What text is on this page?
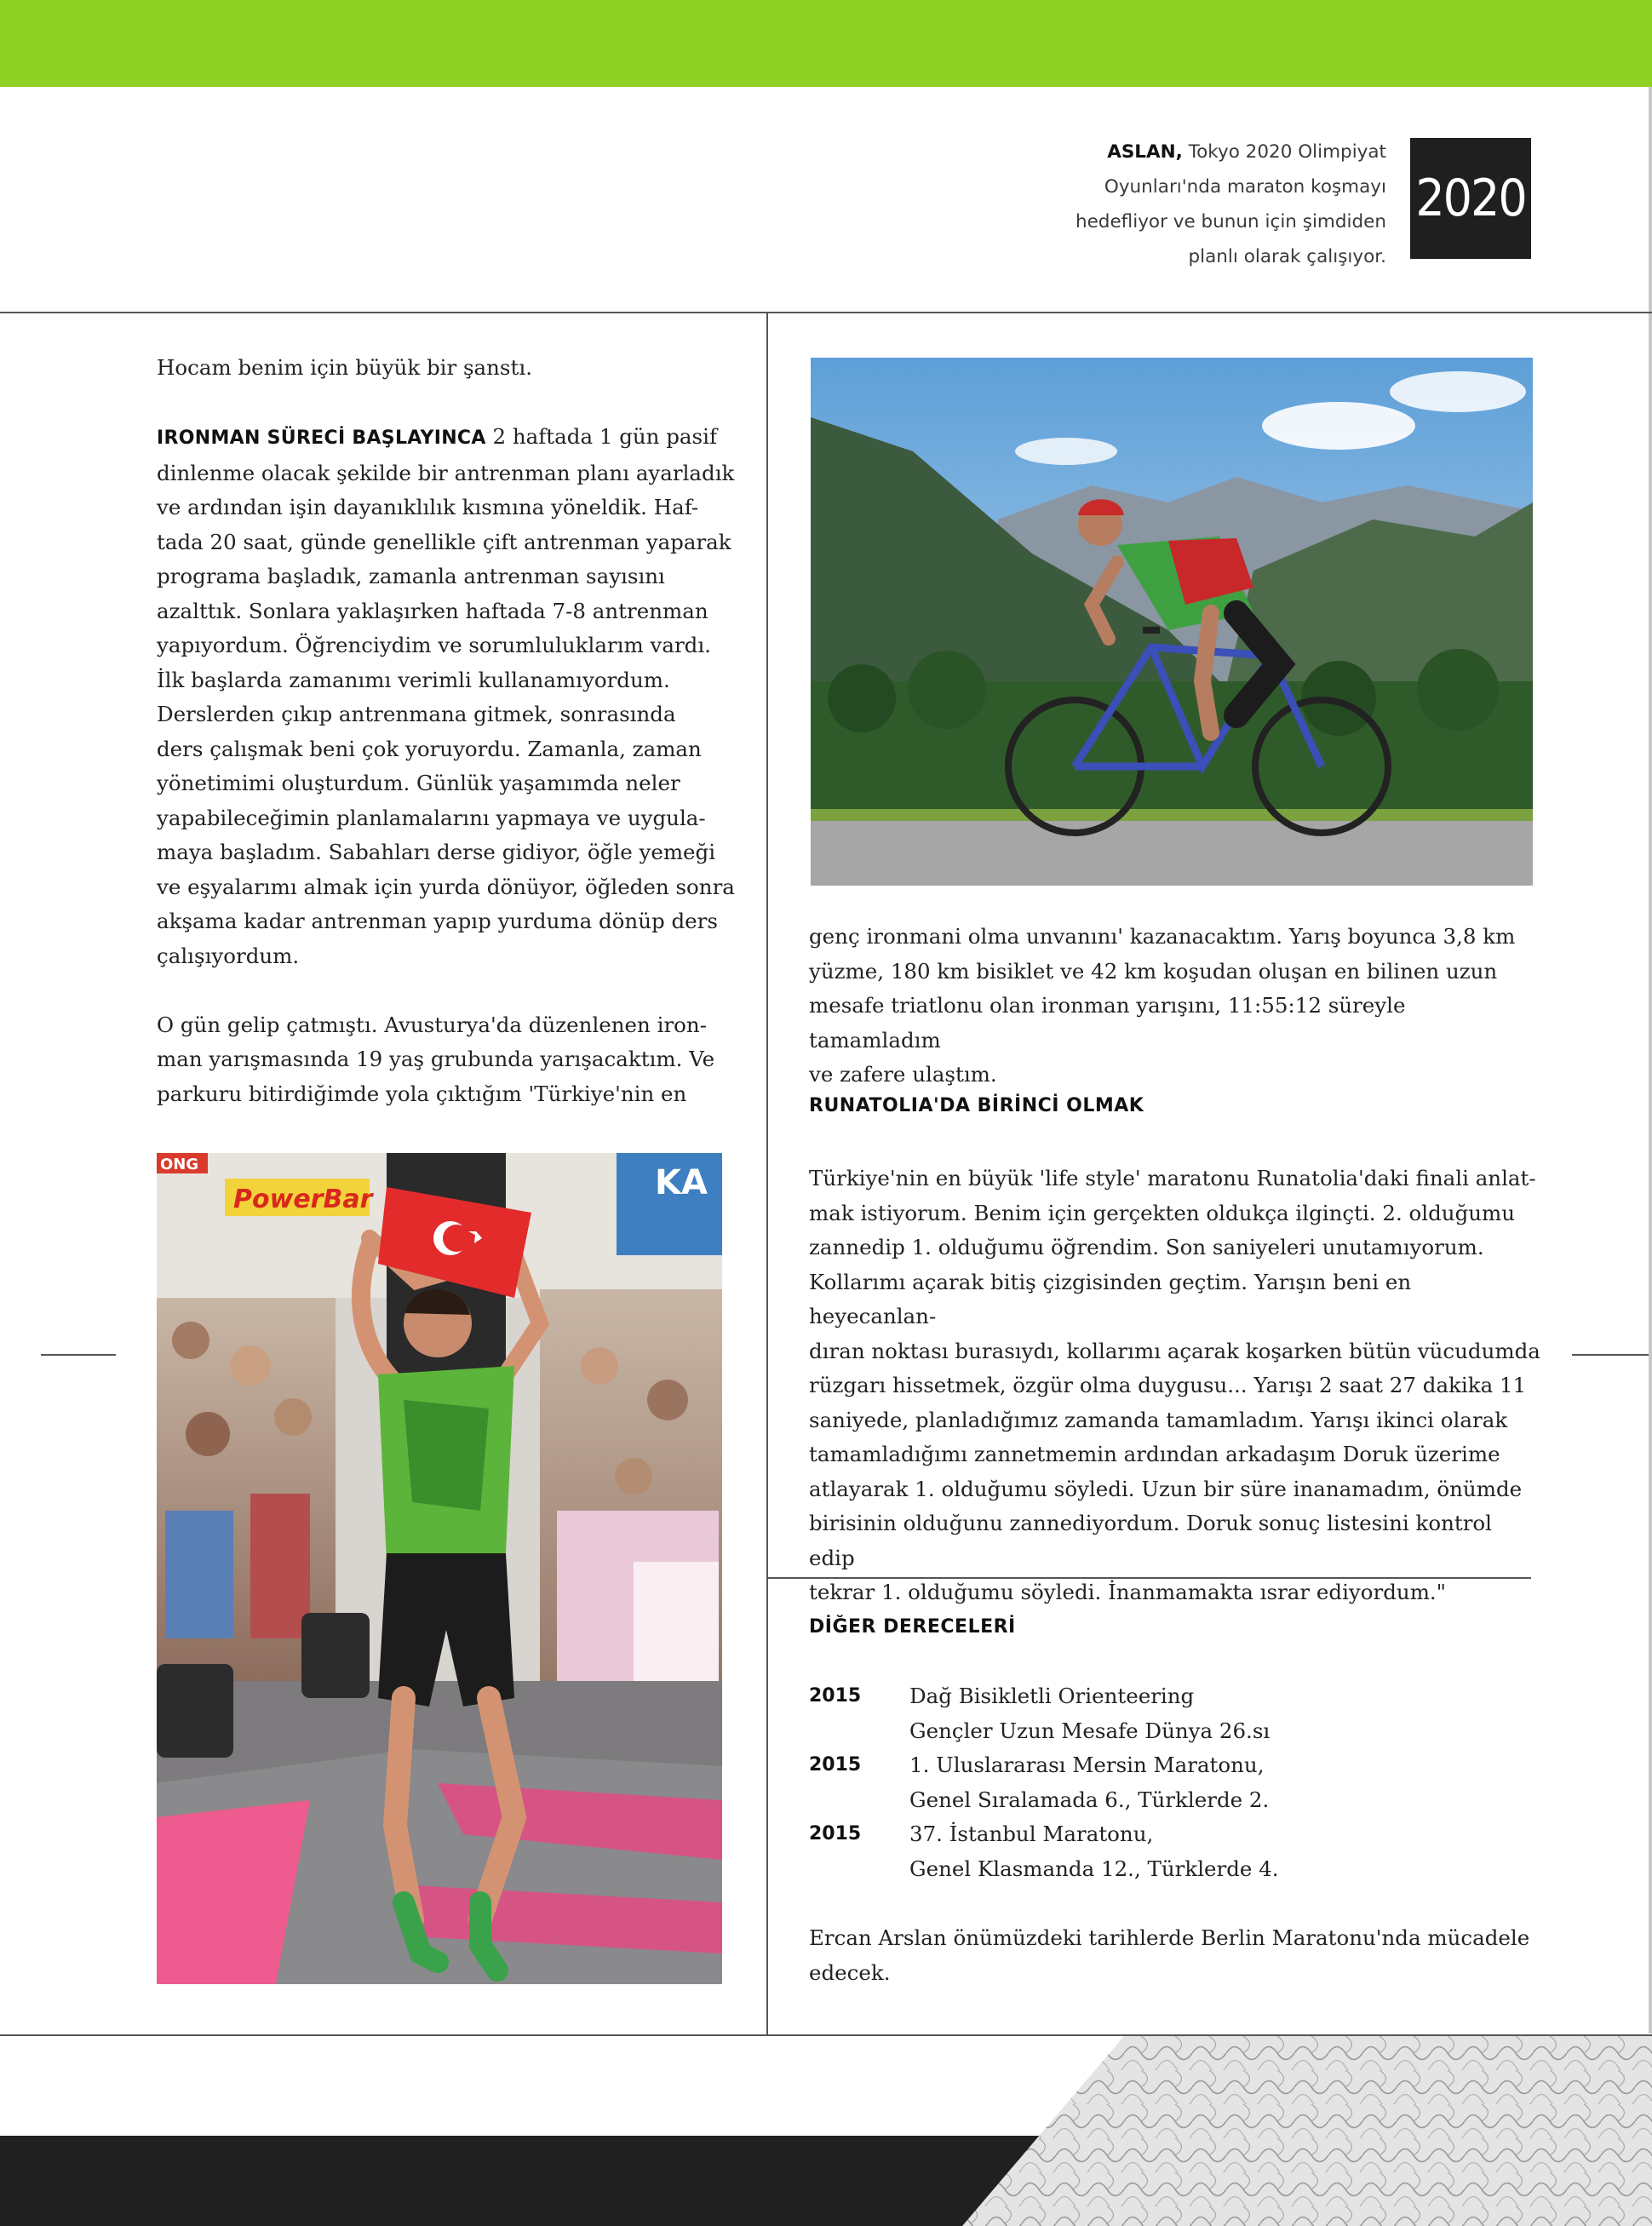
ASLAN, Tokyo 2020 Olimpiyat
Oyunları'nda maraton koşmayı
hedefliyor ve bunun için şimdiden
planlı olarak çalışıyor.
2020

Hocam benim için büyük bir şanstı.

IRONMAN SÜRECİ BAŞLAYINCA 2 haftada 1 gün pasif
dinlenme olacak şekilde bir antrenman planı ayarladık
ve ardından işin dayanıklılık kısmına yöneldik. Haf-
tada 20 saat, günde genellikle çift antrenman yaparak
programa başladık, zamanla antrenman sayısını
azalttık. Sonlara yaklaşırken haftada 7-8 antrenman
yapıyordum. Öğrenciydim ve sorumluluklarım vardı.
İlk başlarda zamanımı verimli kullanamıyordum.
Derslerden çıkıp antrenmana gitmek, sonrasında
ders çalışmak beni çok yoruyordu. Zamanla, zaman
yönetimimi oluşturdum. Günlük yaşamımda neler
yapabileceğimin planlamalarını yapmaya ve uygula-
maya başladım. Sabahları derse gidiyor, öğle yemeği
ve eşyalarımı almak için yurda dönüyor, öğleden sonra
akşama kadar antrenman yapıp yurduma dönüp ders
çalışıyordum.

O gün gelip çatmıştı. Avusturya'da düzenlenen iron-
man yarışmasında 19 yaş grubunda yarışacaktım. Ve
parkuru bitirdiğimde yola çıktığım 'Türkiye'nin en

ONG
PowerBar	KA

genç ironmani olma unvanını' kazanacaktım. Yarış boyunca 3,8 km
yüzme, 180 km bisiklet ve 42 km koşudan oluşan en bilinen uzun
mesafe triatlonu olan ironman yarışını, 11:55:12 süreyle tamamladım
ve zafere ulaştım.

RUNATOLIA'DA BİRİNCİ OLMAK

Türkiye'nin en büyük 'life style' maratonu Runatolia'daki finali anlat-
mak istiyorum. Benim için gerçekten oldukça ilginçti. 2. olduğumu
zannedip 1. olduğumu öğrendim. Son saniyeleri unutamıyorum.
Kollarımı açarak bitiş çizgisinden geçtim. Yarışın beni en heyecanlan-
dıran noktası burasıydı, kollarımı açarak koşarken bütün vücudumda
rüzgarı hissetmek, özgür olma duygusu... Yarışı 2 saat 27 dakika 11
saniyede, planladığımız zamanda tamamladım. Yarışı ikinci olarak
tamamladığımı zannetmemin ardından arkadaşım Doruk üzerime
atlayarak 1. olduğumu söyledi. Uzun bir süre inanamadım, önümde
birisinin olduğunu zannediyordum. Doruk sonuç listesini kontrol edip
tekrar 1. olduğumu söyledi. İnanmamakta ısrar ediyordum."

DİĞER DERECELERİ
2015	Dağ Bisikletli Orienteering
Gençler Uzun Mesafe Dünya 26.sı
2015	1. Uluslararası Mersin Maratonu,
Genel Sıralamada 6., Türklerde 2.
2015	37. İstanbul Maratonu,
Genel Klasmanda 12., Türklerde 4.

Ercan Arslan önümüzdeki tarihlerde Berlin Maratonu'nda mücadele
edecek.
